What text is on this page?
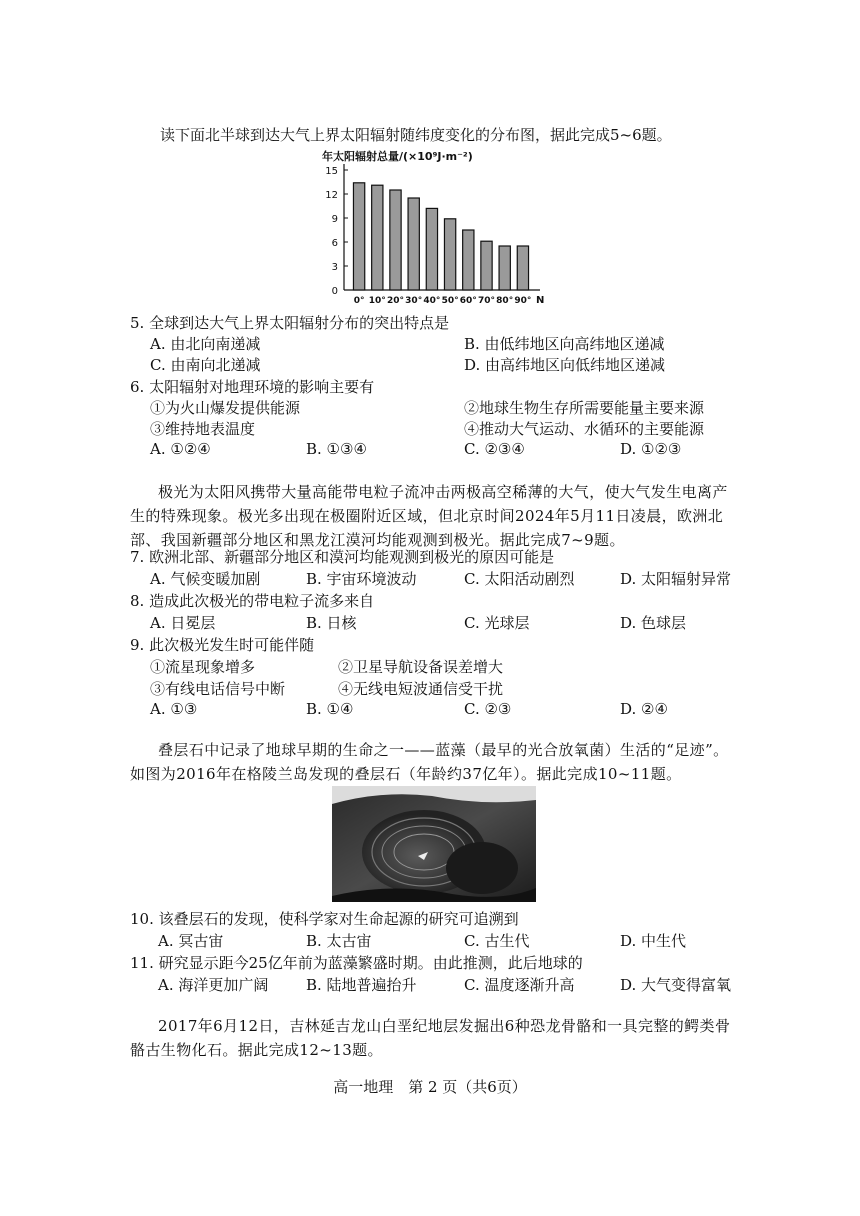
读下面北半球到达大气上界太阳辐射随纬度变化的分布图，据此完成5~6题。
年太阳辐射总量/(×10⁹J·m⁻²)
0
3
6
9
12
15
0° 10° 20° 30° 40° 50° 60° 70° 80° 90° N
5. 全球到达大气上界太阳辐射分布的突出特点是
A. 由北向南递减	B. 由低纬地区向高纬地区递减
C. 由南向北递减	D. 由高纬地区向低纬地区递减
6. 太阳辐射对地理环境的影响主要有
①为火山爆发提供能源	②地球生物生存所需要能量主要来源
③维持地表温度	④推动大气运动、水循环的主要能源
A. ①②④	B. ①③④	C. ②③④	D. ①②③
极光为太阳风携带大量高能带电粒子流冲击两极高空稀薄的大气，使大气发生电离产生的特殊现象。极光多出现在极圈附近区域，但北京时间2024年5月11日凌晨，欧洲北部、我国新疆部分地区和黑龙江漠河均能观测到极光。据此完成7~9题。
7. 欧洲北部、新疆部分地区和漠河均能观测到极光的原因可能是
A. 气候变暖加剧	B. 宇宙环境波动	C. 太阳活动剧烈	D. 太阳辐射异常
8. 造成此次极光的带电粒子流多来自
A. 日冕层	B. 日核	C. 光球层	D. 色球层
9. 此次极光发生时可能伴随
①流星现象增多	②卫星导航设备误差增大
③有线电话信号中断	④无线电短波通信受干扰
A. ①③	B. ①④	C. ②③	D. ②④
叠层石中记录了地球早期的生命之一——蓝藻（最早的光合放氧菌）生活的“足迹”。如图为2016年在格陵兰岛发现的叠层石（年龄约37亿年）。据此完成10~11题。
10. 该叠层石的发现，使科学家对生命起源的研究可追溯到
A. 冥古宙	B. 太古宙	C. 古生代	D. 中生代
11. 研究显示距今25亿年前为蓝藻繁盛时期。由此推测，此后地球的
A. 海洋更加广阔	B. 陆地普遍抬升	C. 温度逐渐升高	D. 大气变得富氧
2017年6月12日，吉林延吉龙山白垩纪地层发掘出6种恐龙骨骼和一具完整的鳄类骨骼古生物化石。据此完成12~13题。
高一地理　第 2 页（共6页）
